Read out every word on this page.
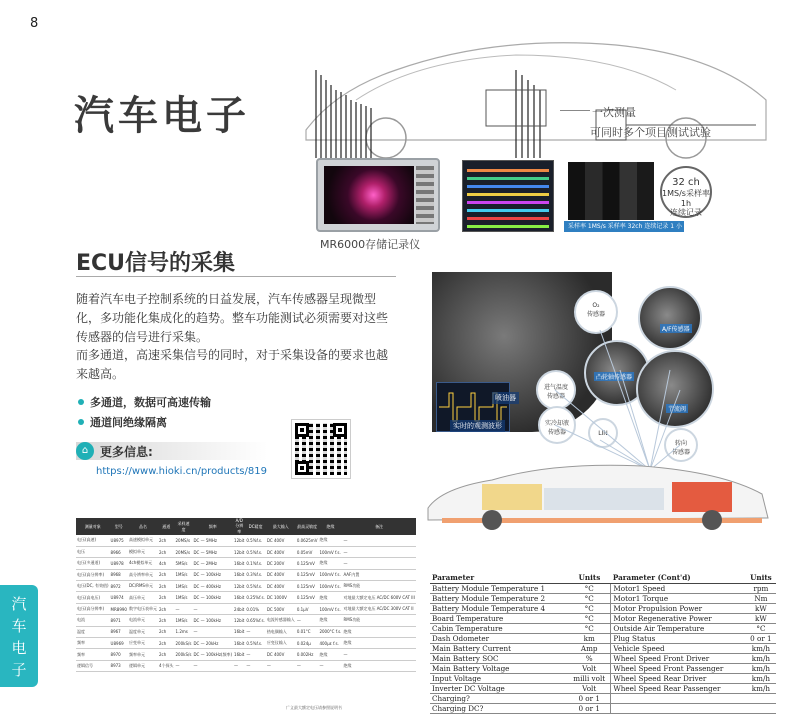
8
汽车电子	一次测量
可同时多个项目测试试验
MR6000存储记录仪
32 ch
1MS/s采样率1h
连续记录
采样率 1MS/s 采样率 32ch 连续记录 1 小时
ECU信号的采集
随着汽车电子控制系统的日益发展，汽车传感器呈现微型化，多功能化集成化的趋势。整车功能测试必须需要对这些传感器的信号进行采集。
而多通道，高速采集信号的同时，对于采集设备的要求也越来越高。
多通道，数据可高速传输
通道间绝缘隔离
⌂ 更多信息:
https://www.hioki.cn/products/819
喷油器
实时的观测波形
A/F传感器
凸轮轴传感器
节流阀
O₂
传感器
进气温度
传感器
实冷却液
传感器	LIN
转向
传感器
测量对象	型号	品名	通道	采样速度	频率	A/D分辨率	DC精度	最大输入	最高灵敏度	绝缘	备注
电压(高速)	U8975	高速模拟单元	2ch	20MS/s	DC — 5MHz	12bit	0.5%f.s.	DC 400V	0.0625mV	绝缘	—
电压	8966	模拟单元	2ch	20MS/s	DC — 5MHz	12bit	0.5%f.s.	DC 400V	0.05mV	100mV f.s.	—
电压(多通道)	U8978	4ch模拟单元	4ch	5MS/s	DC — 2MHz	16bit	0.1%f.s.	DC 200V	0.125mV	绝缘	—
电压(高分辨率)	8968	高分辨率单元	2ch	1MS/s	DC — 100kHz	16bit	0.3%f.s.	DC 400V	0.125mV	100mV f.s.	AAF内置
电压(DC, 有效值)	8972	DC/RMS单元	2ch	1MS/s	DC — 400kHz	12bit	0.5%f.s.	DC 400V	0.125mV	100mV f.s.	RMS功能
电压(高电压)	U8974	高压单元	2ch	1MS/s	DC — 100kHz	16bit	0.25%f.s.	DC 1000V	0.125mV	绝缘	对地最大额定电压 AC/DC 600V CAT III
电压(高分辨率)	MR8990	数字电压表单元	2ch	—	—	24bit	0.01%	DC 500V	0.1μV	100mV f.s.	对地最大额定电压 AC/DC 300V CAT II
电流	8971	电流单元	2ch	1MS/s	DC — 100kHz	12bit	0.65%f.s.	电流传感器输入	—	绝缘	RMS功能
温度	8967	温度单元	2ch	1.2ms	—	16bit	—	热电偶输入	0.01°C	2000°C f.s.	绝缘
频率	U8969	应变单元	2ch	200kS/s	DC — 20kHz	16bit	0.5%f.s.	应变仪输入	0.024μ	400με f.s.	绝缘
频率	8970	频率单元	2ch	200kS/s	DC — 100kHz(频率)	16bit	—	DC 400V	0.002Hz	绝缘	—
逻辑信号	8973	逻辑单元	4个探头	—	—	—	—	—	—	—	绝缘
广义最大额定电压请参照说明书
Parameter	Units	Parameter (Cont'd)	Units
Battery Module Temperature 1	°C	Motor1 Speed	rpm
Battery Module Temperature 2	°C	Motor1 Torque	Nm
Battery Module Temperature 4	°C	Motor Propulsion Power	kW
Board Temperature	°C	Motor Regenerative Power	kW
Cabin Temperature	°C	Outside Air Temperature	°C
Dash Odometer	km	Plug Status	0 or 1
Main Battery Current	Amp	Vehicle Speed	km/h
Main Battery SOC	%	Wheel Speed Front Driver	km/h
Main Battery Voltage	Volt	Wheel Speed Front Passenger	km/h
Input Voltage	milli volt	Wheel Speed Rear Driver	km/h
Inverter DC Voltage	Volt	Wheel Speed Rear Passenger	km/h
Charging?	0 or 1		
Charging DC?	0 or 1		
汽
车
电
子
